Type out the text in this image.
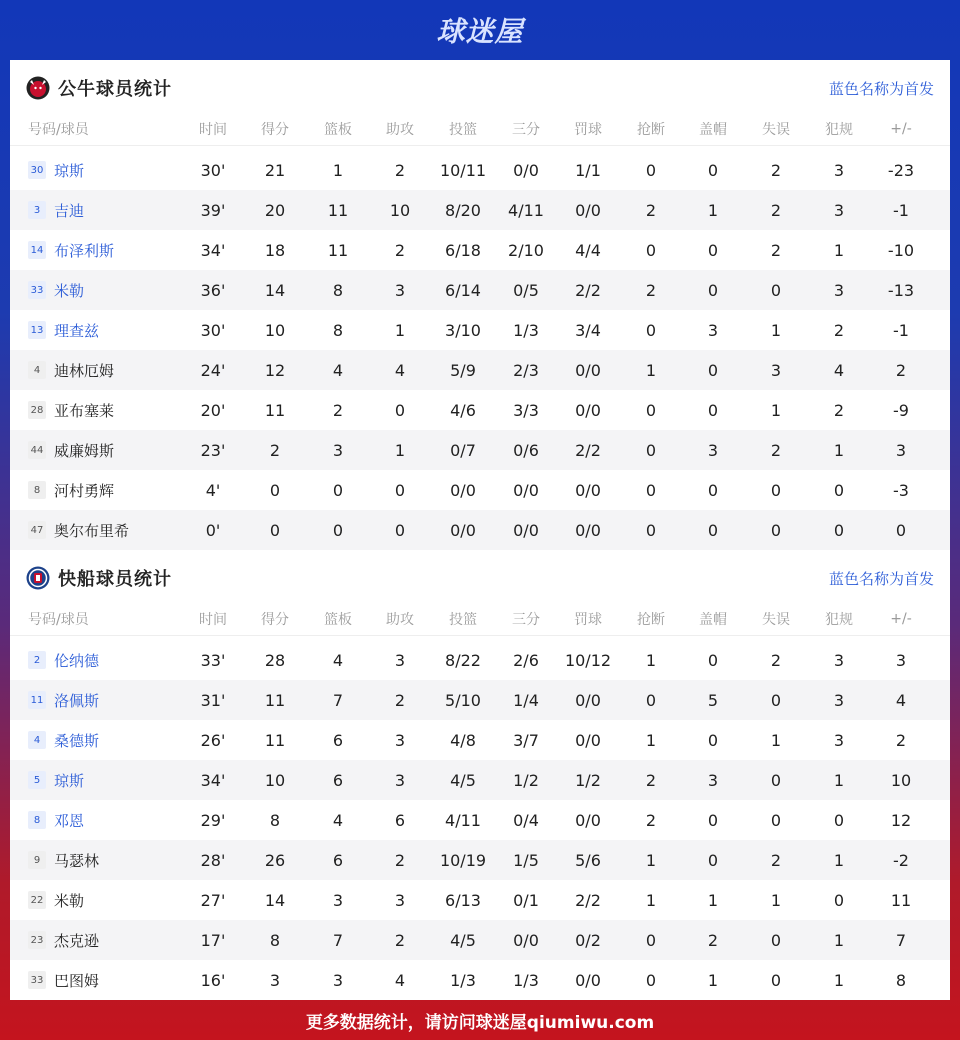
球迷屋
公牛球员统计	蓝色名称为首发
号码/球员	时间	得分	篮板	助攻	投篮	三分	罚球	抢断	盖帽	失误	犯规	+/-
30 琼斯	30'	21	1	2	10/11	0/0	1/1	0	0	2	3	-23
3 吉迪	39'	20	11	10	8/20	4/11	0/0	2	1	2	3	-1
14 布泽利斯	34'	18	11	2	6/18	2/10	4/4	0	0	2	1	-10
33 米勒	36'	14	8	3	6/14	0/5	2/2	2	0	0	3	-13
13 理查兹	30'	10	8	1	3/10	1/3	3/4	0	3	1	2	-1
4 迪林厄姆	24'	12	4	4	5/9	2/3	0/0	1	0	3	4	2
28 亚布塞莱	20'	11	2	0	4/6	3/3	0/0	0	0	1	2	-9
44 威廉姆斯	23'	2	3	1	0/7	0/6	2/2	0	3	2	1	3
8 河村勇辉	4'	0	0	0	0/0	0/0	0/0	0	0	0	0	-3
47 奥尔布里希	0'	0	0	0	0/0	0/0	0/0	0	0	0	0	0
快船球员统计	蓝色名称为首发
号码/球员	时间	得分	篮板	助攻	投篮	三分	罚球	抢断	盖帽	失误	犯规	+/-
2 伦纳德	33'	28	4	3	8/22	2/6	10/12	1	0	2	3	3
11 洛佩斯	31'	11	7	2	5/10	1/4	0/0	0	5	0	3	4
4 桑德斯	26'	11	6	3	4/8	3/7	0/0	1	0	1	3	2
5 琼斯	34'	10	6	3	4/5	1/2	1/2	2	3	0	1	10
8 邓恩	29'	8	4	6	4/11	0/4	0/0	2	0	0	0	12
9 马瑟林	28'	26	6	2	10/19	1/5	5/6	1	0	2	1	-2
22 米勒	27'	14	3	3	6/13	0/1	2/2	1	1	1	0	11
23 杰克逊	17'	8	7	2	4/5	0/0	0/2	0	2	0	1	7
33 巴图姆	16'	3	3	4	1/3	1/3	0/0	0	1	0	1	8
更多数据统计，请访问球迷屋qiumiwu.com
